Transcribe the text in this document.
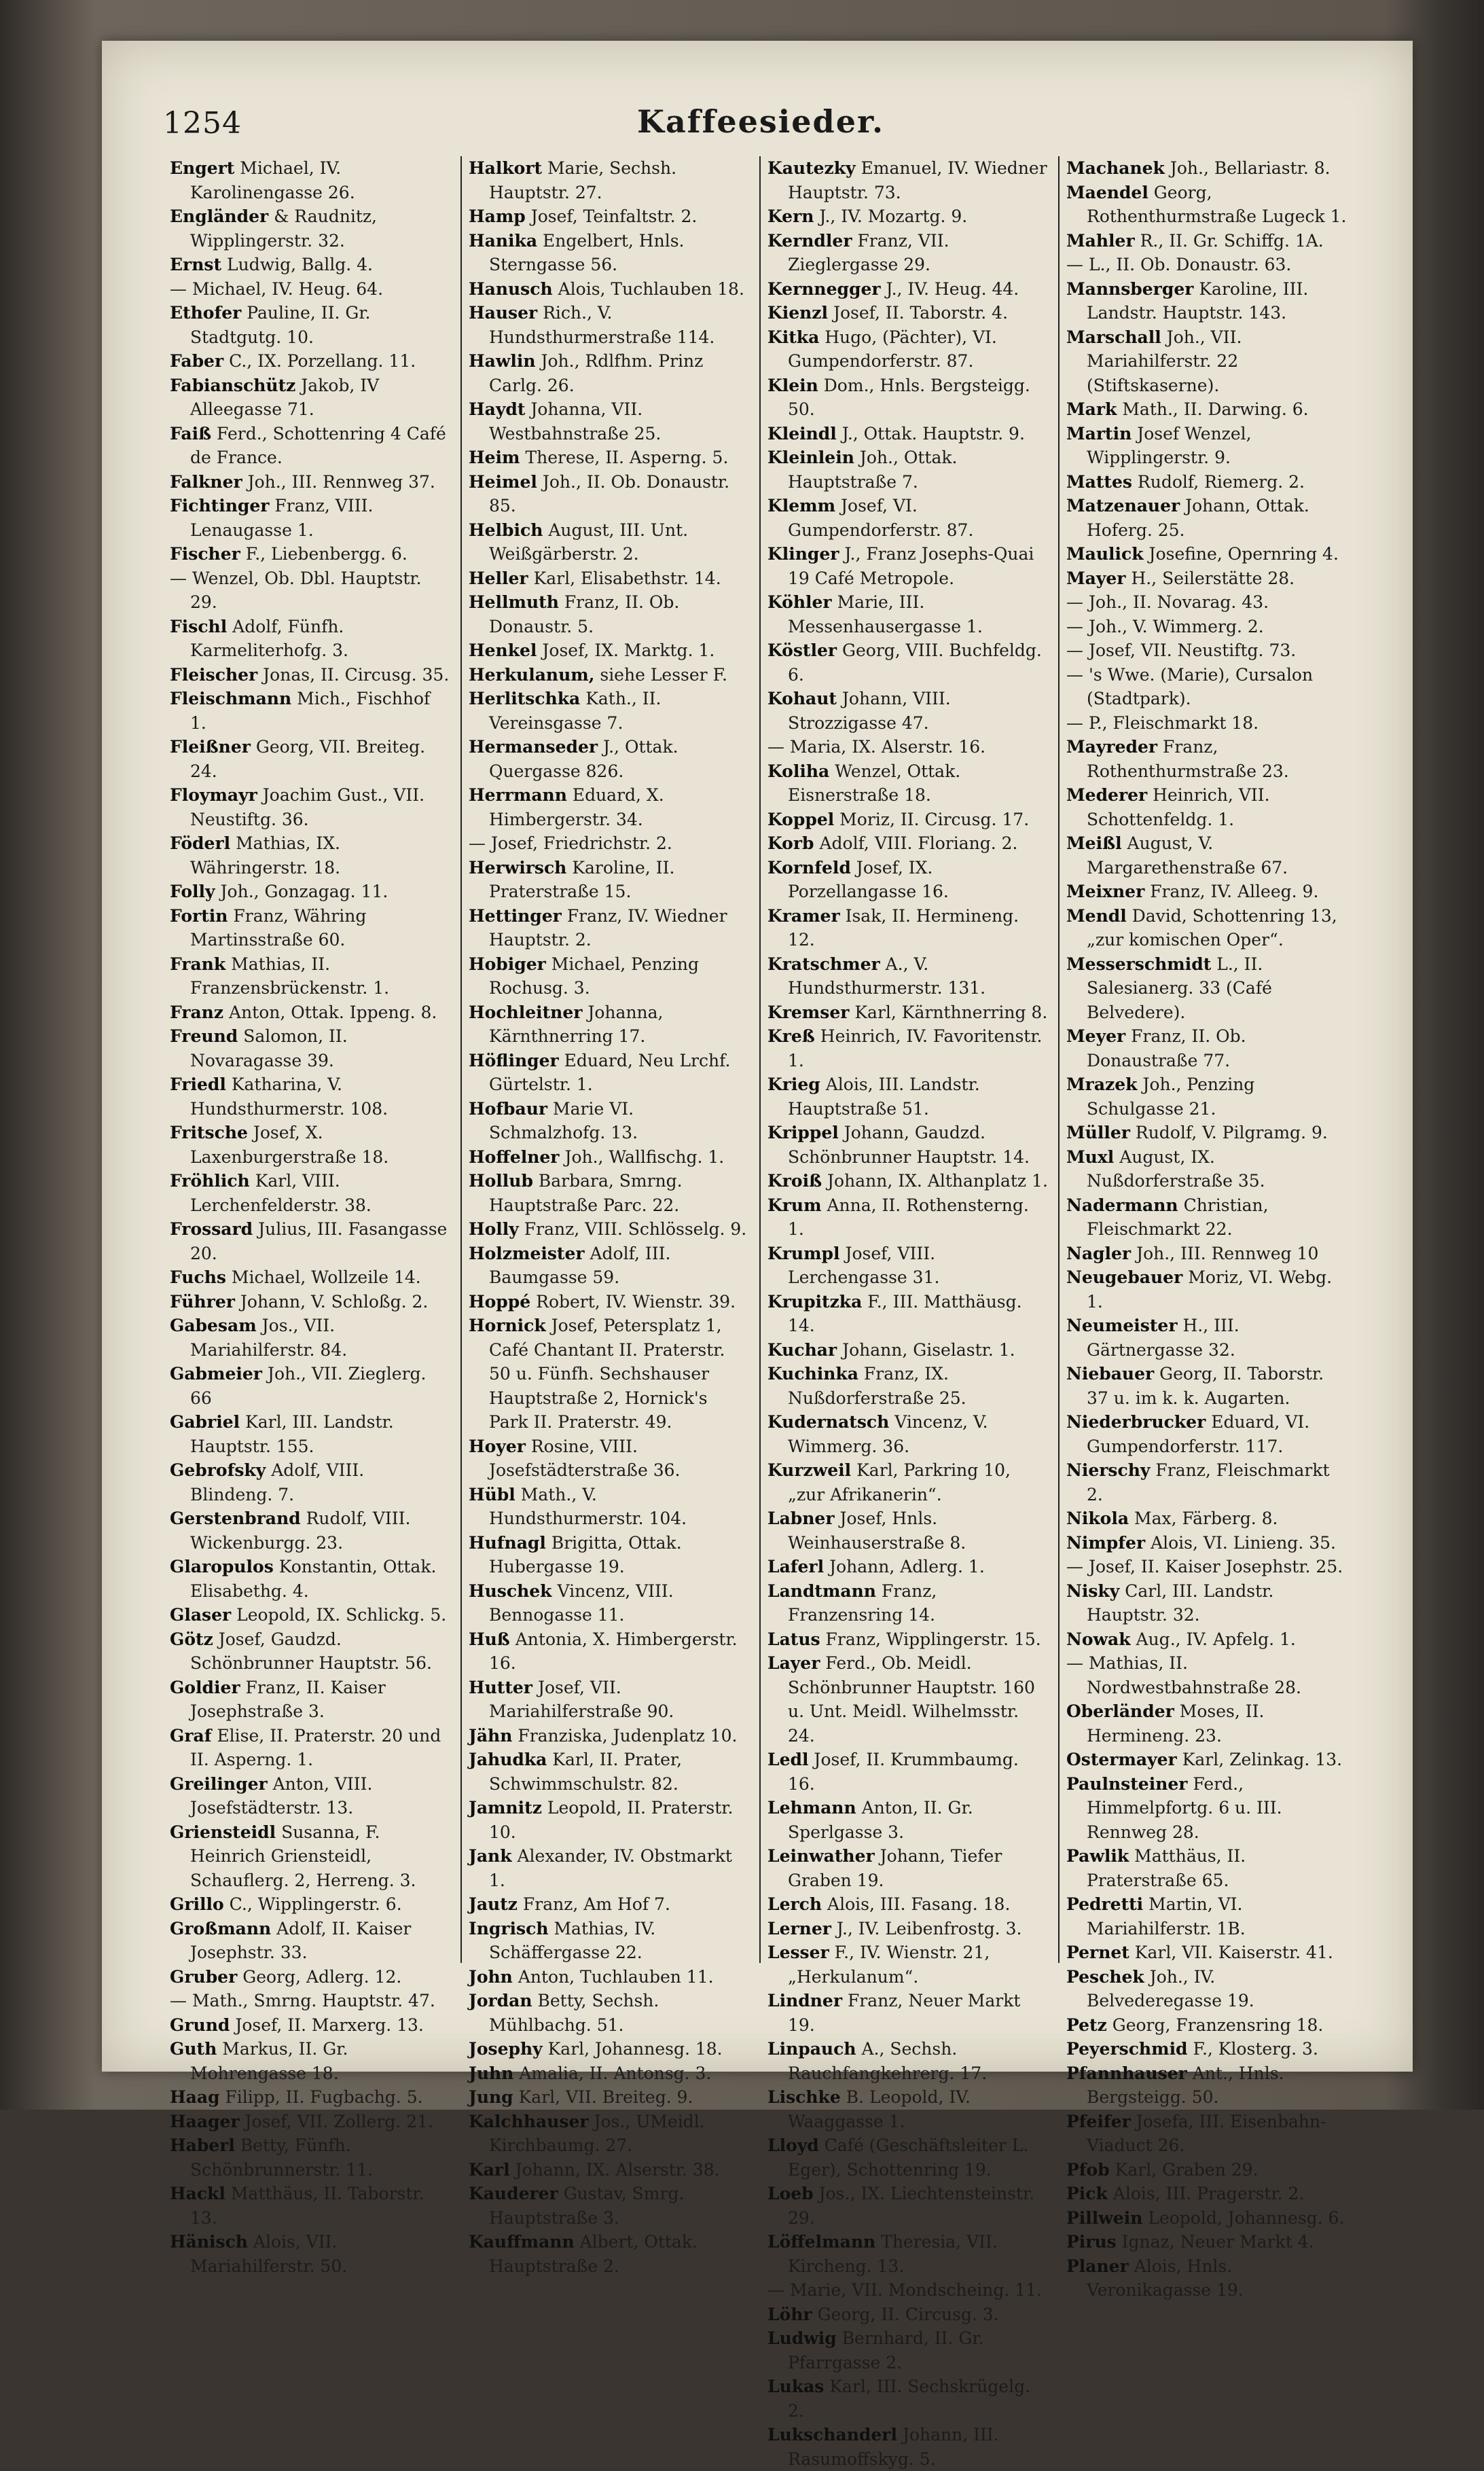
1254	Kaffeesieder.

Engert Michael, IV. Karolinengasse 26.

Engländer & Raudnitz, Wipplingerstr. 32.

Ernst Ludwig, Ballg. 4.

— Michael, IV. Heug. 64.

Ethofer Pauline, II. Gr. Stadtgutg. 10.

Faber C., IX. Porzellang. 11.

Fabianschütz Jakob, IV Alleegasse 71.

Faiß Ferd., Schottenring 4 Café de France.

Falkner Joh., III. Rennweg 37.

Fichtinger Franz, VIII. Lenaugasse 1.

Fischer F., Liebenbergg. 6.

— Wenzel, Ob. Dbl. Hauptstr. 29.

Fischl Adolf, Fünfh. Karmeliterhofg. 3.

Fleischer Jonas, II. Circusg. 35.

Fleischmann Mich., Fischhof 1.

Fleißner Georg, VII. Breiteg. 24.

Floymayr Joachim Gust., VII. Neustiftg. 36.

Föderl Mathias, IX. Währingerstr. 18.

Folly Joh., Gonzagag. 11.

Fortin Franz, Währing Martinsstraße 60.

Frank Mathias, II. Franzensbrückenstr. 1.

Franz Anton, Ottak. Ippeng. 8.

Freund Salomon, II. Novaragasse 39.

Friedl Katharina, V. Hundsthurmerstr. 108.

Fritsche Josef, X. Laxenburgerstraße 18.

Fröhlich Karl, VIII. Lerchenfelderstr. 38.

Frossard Julius, III. Fasangasse 20.

Fuchs Michael, Wollzeile 14.

Führer Johann, V. Schloßg. 2.

Gabesam Jos., VII. Mariahilferstr. 84.

Gabmeier Joh., VII. Zieglerg. 66

Gabriel Karl, III. Landstr. Hauptstr. 155.

Gebrofsky Adolf, VIII. Blindeng. 7.

Gerstenbrand Rudolf, VIII. Wickenburgg. 23.

Glaropulos Konstantin, Ottak. Elisabethg. 4.

Glaser Leopold, IX. Schlickg. 5.

Götz Josef, Gaudzd. Schönbrunner Hauptstr. 56.

Goldier Franz, II. Kaiser Josephstraße 3.

Graf Elise, II. Praterstr. 20 und II. Asperng. 1.

Greilinger Anton, VIII. Josefstädterstr. 13.

Griensteidl Susanna, F. Heinrich Griensteidl, Schauflerg. 2, Herreng. 3.

Grillo C., Wipplingerstr. 6.

Großmann Adolf, II. Kaiser Josephstr. 33.

Gruber Georg, Adlerg. 12.

— Math., Smrng. Hauptstr. 47.

Grund Josef, II. Marxerg. 13.

Guth Markus, II. Gr. Mohrengasse 18.

Haag Filipp, II. Fugbachg. 5.

Haager Josef, VII. Zollerg. 21.

Haberl Betty, Fünfh. Schönbrunnerstr. 11.

Hackl Matthäus, II. Taborstr. 13.

Hänisch Alois, VII. Mariahilferstr. 50.

Halkort Marie, Sechsh. Hauptstr. 27.

Hamp Josef, Teinfaltstr. 2.

Hanika Engelbert, Hnls. Sterngasse 56.

Hanusch Alois, Tuchlauben 18.

Hauser Rich., V. Hundsthurmerstraße 114.

Hawlin Joh., Rdlfhm. Prinz Carlg. 26.

Haydt Johanna, VII. Westbahnstraße 25.

Heim Therese, II. Asperng. 5.

Heimel Joh., II. Ob. Donaustr. 85.

Helbich August, III. Unt. Weißgärberstr. 2.

Heller Karl, Elisabethstr. 14.

Hellmuth Franz, II. Ob. Donaustr. 5.

Henkel Josef, IX. Marktg. 1.

Herkulanum, siehe Lesser F.

Herlitschka Kath., II. Vereinsgasse 7.

Hermanseder J., Ottak. Quergasse 826.

Herrmann Eduard, X. Himbergerstr. 34.

— Josef, Friedrichstr. 2.

Herwirsch Karoline, II. Praterstraße 15.

Hettinger Franz, IV. Wiedner Hauptstr. 2.

Hobiger Michael, Penzing Rochusg. 3.

Hochleitner Johanna, Kärnthnerring 17.

Höflinger Eduard, Neu Lrchf. Gürtelstr. 1.

Hofbaur Marie VI. Schmalzhofg. 13.

Hoffelner Joh., Wallfischg. 1.

Hollub Barbara, Smrng. Hauptstraße Parc. 22.

Holly Franz, VIII. Schlösselg. 9.

Holzmeister Adolf, III. Baumgasse 59.

Hoppé Robert, IV. Wienstr. 39.

Hornick Josef, Petersplatz 1, Café Chantant II. Praterstr. 50 u. Fünfh. Sechshauser Hauptstraße 2, Hornick's Park II. Praterstr. 49.

Hoyer Rosine, VIII. Josefstädterstraße 36.

Hübl Math., V. Hundsthurmerstr. 104.

Hufnagl Brigitta, Ottak. Hubergasse 19.

Huschek Vincenz, VIII. Bennogasse 11.

Huß Antonia, X. Himbergerstr. 16.

Hutter Josef, VII. Mariahilferstraße 90.

Jähn Franziska, Judenplatz 10.

Jahudka Karl, II. Prater, Schwimmschulstr. 82.

Jamnitz Leopold, II. Praterstr. 10.

Jank Alexander, IV. Obstmarkt 1.

Jautz Franz, Am Hof 7.

Ingrisch Mathias, IV. Schäffergasse 22.

John Anton, Tuchlauben 11.

Jordan Betty, Sechsh. Mühlbachg. 51.

Josephy Karl, Johannesg. 18.

Juhn Amalia, II. Antonsg. 3.

Jung Karl, VII. Breiteg. 9.

Kalchhauser Jos., UMeidl. Kirchbaumg. 27.

Karl Johann, IX. Alserstr. 38.

Kauderer Gustav, Smrg. Hauptstraße 3.

Kauffmann Albert, Ottak. Hauptstraße 2.

Kautezky Emanuel, IV. Wiedner Hauptstr. 73.

Kern J., IV. Mozartg. 9.

Kerndler Franz, VII. Zieglergasse 29.

Kernnegger J., IV. Heug. 44.

Kienzl Josef, II. Taborstr. 4.

Kitka Hugo, (Pächter), VI. Gumpendorferstr. 87.

Klein Dom., Hnls. Bergsteigg. 50.

Kleindl J., Ottak. Hauptstr. 9.

Kleinlein Joh., Ottak. Hauptstraße 7.

Klemm Josef, VI. Gumpendorferstr. 87.

Klinger J., Franz Josephs-Quai 19 Café Metropole.

Köhler Marie, III. Messenhausergasse 1.

Köstler Georg, VIII. Buchfeldg. 6.

Kohaut Johann, VIII. Strozzigasse 47.

— Maria, IX. Alserstr. 16.

Koliha Wenzel, Ottak. Eisnerstraße 18.

Koppel Moriz, II. Circusg. 17.

Korb Adolf, VIII. Floriang. 2.

Kornfeld Josef, IX. Porzellangasse 16.

Kramer Isak, II. Hermineng. 12.

Kratschmer A., V. Hundsthurmerstr. 131.

Kremser Karl, Kärnthnerring 8.

Kreß Heinrich, IV. Favoritenstr. 1.

Krieg Alois, III. Landstr. Hauptstraße 51.

Krippel Johann, Gaudzd. Schönbrunner Hauptstr. 14.

Kroiß Johann, IX. Althanplatz 1.

Krum Anna, II. Rothensterng. 1.

Krumpl Josef, VIII. Lerchengasse 31.

Krupitzka F., III. Matthäusg. 14.

Kuchar Johann, Giselastr. 1.

Kuchinka Franz, IX. Nußdorferstraße 25.

Kudernatsch Vincenz, V. Wimmerg. 36.

Kurzweil Karl, Parkring 10, „zur Afrikanerin“.

Labner Josef, Hnls. Weinhauserstraße 8.

Laferl Johann, Adlerg. 1.

Landtmann Franz, Franzensring 14.

Latus Franz, Wipplingerstr. 15.

Layer Ferd., Ob. Meidl. Schönbrunner Hauptstr. 160 u. Unt. Meidl. Wilhelmsstr. 24.

Ledl Josef, II. Krummbaumg. 16.

Lehmann Anton, II. Gr. Sperlgasse 3.

Leinwather Johann, Tiefer Graben 19.

Lerch Alois, III. Fasang. 18.

Lerner J., IV. Leibenfrostg. 3.

Lesser F., IV. Wienstr. 21, „Herkulanum“.

Lindner Franz, Neuer Markt 19.

Linpauch A., Sechsh. Rauchfangkehrerg. 17.

Lischke B. Leopold, IV. Waaggasse 1.

Lloyd Café (Geschäftsleiter L. Eger), Schottenring 19.

Loeb Jos., IX. Liechtensteinstr. 29.

Löffelmann Theresia, VII. Kircheng. 13.

— Marie, VII. Mondscheing. 11.

Löhr Georg, II. Circusg. 3.

Ludwig Bernhard, II. Gr. Pfarrgasse 2.

Lukas Karl, III. Sechskrügelg. 2.

Lukschanderl Johann, III. Rasumoffskyg. 5.

Machanek Joh., Bellariastr. 8.

Maendel Georg, Rothenthurmstraße Lugeck 1.

Mahler R., II. Gr. Schiffg. 1A.

— L., II. Ob. Donaustr. 63.

Mannsberger Karoline, III. Landstr. Hauptstr. 143.

Marschall Joh., VII. Mariahilferstr. 22 (Stiftskaserne).

Mark Math., II. Darwing. 6.

Martin Josef Wenzel, Wipplingerstr. 9.

Mattes Rudolf, Riemerg. 2.

Matzenauer Johann, Ottak. Hoferg. 25.

Maulick Josefine, Opernring 4.

Mayer H., Seilerstätte 28.

— Joh., II. Novarag. 43.

— Joh., V. Wimmerg. 2.

— Josef, VII. Neustiftg. 73.

— 's Wwe. (Marie), Cursalon (Stadtpark).

— P., Fleischmarkt 18.

Mayreder Franz, Rothenthurmstraße 23.

Mederer Heinrich, VII. Schottenfeldg. 1.

Meißl August, V. Margarethenstraße 67.

Meixner Franz, IV. Alleeg. 9.

Mendl David, Schottenring 13, „zur komischen Oper“.

Messerschmidt L., II. Salesianerg. 33 (Café Belvedere).

Meyer Franz, II. Ob. Donaustraße 77.

Mrazek Joh., Penzing Schulgasse 21.

Müller Rudolf, V. Pilgramg. 9.

Muxl August, IX. Nußdorferstraße 35.

Nadermann Christian, Fleischmarkt 22.

Nagler Joh., III. Rennweg 10

Neugebauer Moriz, VI. Webg. 1.

Neumeister H., III. Gärtnergasse 32.

Niebauer Georg, II. Taborstr. 37 u. im k. k. Augarten.

Niederbrucker Eduard, VI. Gumpendorferstr. 117.

Nierschy Franz, Fleischmarkt 2.

Nikola Max, Färberg. 8.

Nimpfer Alois, VI. Linieng. 35.

— Josef, II. Kaiser Josephstr. 25.

Nisky Carl, III. Landstr. Hauptstr. 32.

Nowak Aug., IV. Apfelg. 1.

— Mathias, II. Nordwestbahnstraße 28.

Oberländer Moses, II. Hermineng. 23.

Ostermayer Karl, Zelinkag. 13.

Paulnsteiner Ferd., Himmelpfortg. 6 u. III. Rennweg 28.

Pawlik Matthäus, II. Praterstraße 65.

Pedretti Martin, VI. Mariahilferstr. 1B.

Pernet Karl, VII. Kaiserstr. 41.

Peschek Joh., IV. Belvederegasse 19.

Petz Georg, Franzensring 18.

Peyerschmid F., Klosterg. 3.

Pfannhauser Ant., Hnls. Bergsteigg. 50.

Pfeifer Josefa, III. Eisenbahn-Viaduct 26.

Pfob Karl, Graben 29.

Pick Alois, III. Pragerstr. 2.

Pillwein Leopold, Johannesg. 6.

Pirus Ignaz, Neuer Markt 4.

Planer Alois, Hnls. Veronikagasse 19.
